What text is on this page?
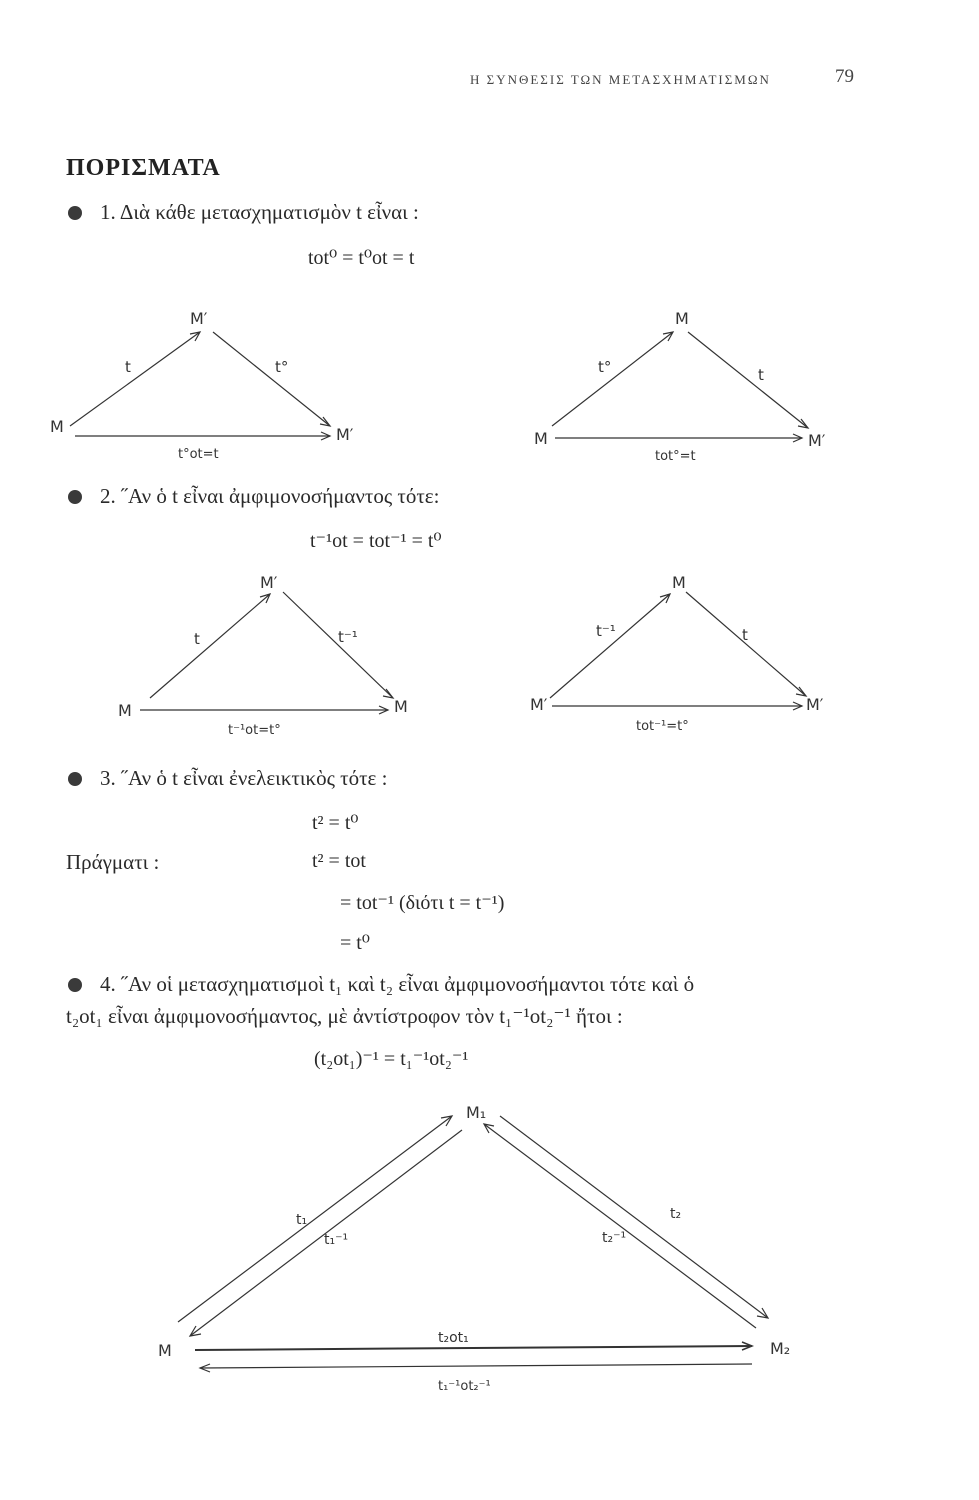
Η ΣΥΝΘΕΣΙΣ ΤΩΝ ΜΕΤΑΣΧΗΜΑΤΙΣΜΩΝ	79
ΠΟΡΙΣΜΑΤΑ
1. Διὰ κάθε μετασχηματισμὸν t εἶναι :
tot⁰ = t⁰ot = t
M
M′
M′
t	t°
t°ot=t
M
M
M′
t°	t
tot°=t
2. ˝Αν ὁ t εἶναι ἀμφιμονοσήμαντος τότε:
t⁻¹ot = tot⁻¹ = t⁰
M
M′
M
t	t⁻¹
t⁻¹ot=t°
M′
M
M′
t⁻¹	t
tot⁻¹=t°
3. ˝Αν ὁ t εἶναι ἐνελεικτικὸς τότε :
t² = t⁰
Πράγματι :	t² = tot
= tot⁻¹ (διότι t = t⁻¹)
= t⁰
4. ˝Αν οἱ μετασχηματισμοὶ t₁ καὶ t₂ εἶναι ἀμφιμονοσήμαντοι τότε καὶ ὁ
t₂ot₁ εἶναι ἀμφιμονοσήμαντος, μὲ ἀντίστροφον τὸν t₁⁻¹ot₂⁻¹ ἤτοι :
(t₂ot₁)⁻¹ = t₁⁻¹ot₂⁻¹
M
M₁
M₂
t₁
t₁⁻¹
t₂
t₂⁻¹
t₂ot₁
t₁⁻¹ot₂⁻¹
